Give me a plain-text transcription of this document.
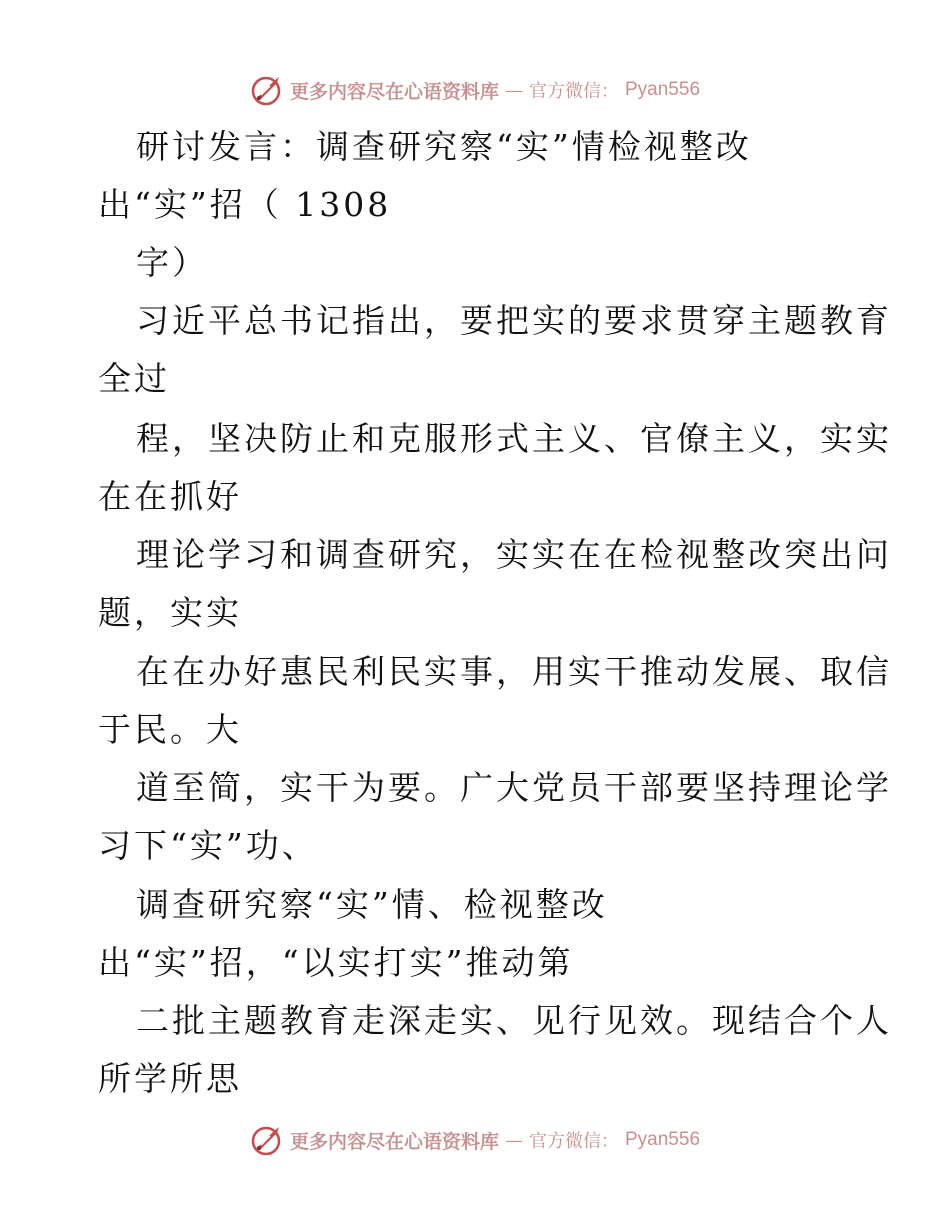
更多内容尽在心语资料库 — 官方微信： Pyan556
研讨发言：调查研究察“实”情检视整改
出“实”招（ 1308
字）
习近平总书记指出，要把实的要求贯穿主题教育
全过
程，坚决防止和克服形式主义、官僚主义，实实
在在抓好
理论学习和调查研究，实实在在检视整改突出问
题，实实
在在办好惠民利民实事，用实干推动发展、取信
于民。大
道至简，实干为要。广大党员干部要坚持理论学
习下“实”功、
调查研究察“实”情、检视整改
出“实”招，“以实打实”推动第
二批主题教育走深走实、见行见效。现结合个人
所学所思
更多内容尽在心语资料库 — 官方微信： Pyan556
